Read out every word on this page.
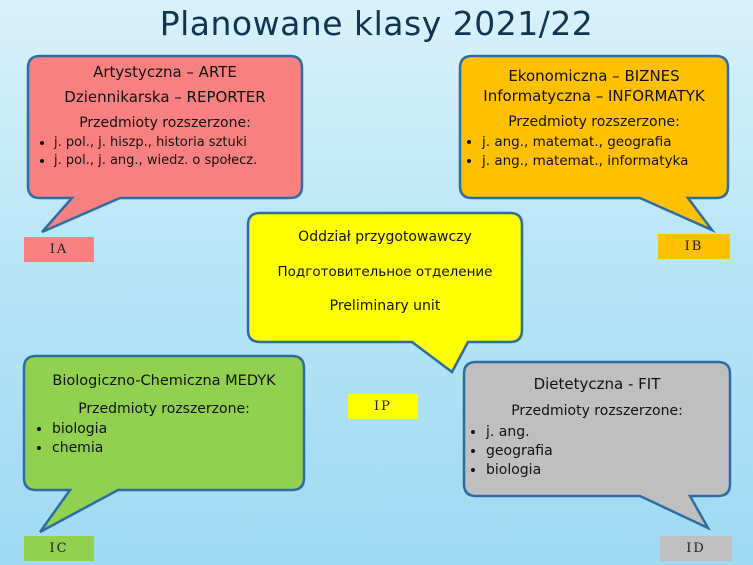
Planowane klasy 2021/22
Artystyczna – ARTE
Dziennikarska – REPORTER
Przedmioty rozszerzone:
• j. pol., j. hiszp., historia sztuki
• j. pol., j. ang., wiedz. o społecz.
IA
Ekonomiczna – BIZNES
Informatyczna – INFORMATYK
Przedmioty rozszerzone:
• j. ang., matemat., geografia
• j. ang., matemat., informatyka
IB
Oddział przygotowawczy
Подготовительное отделение
Preliminary unit
IP
Biologiczno-Chemiczna MEDYK
Przedmioty rozszerzone:
• biologia
• chemia
IC
Dietetyczna - FIT
Przedmioty rozszerzone:
• j. ang.
• geografia
• biologia
ID
